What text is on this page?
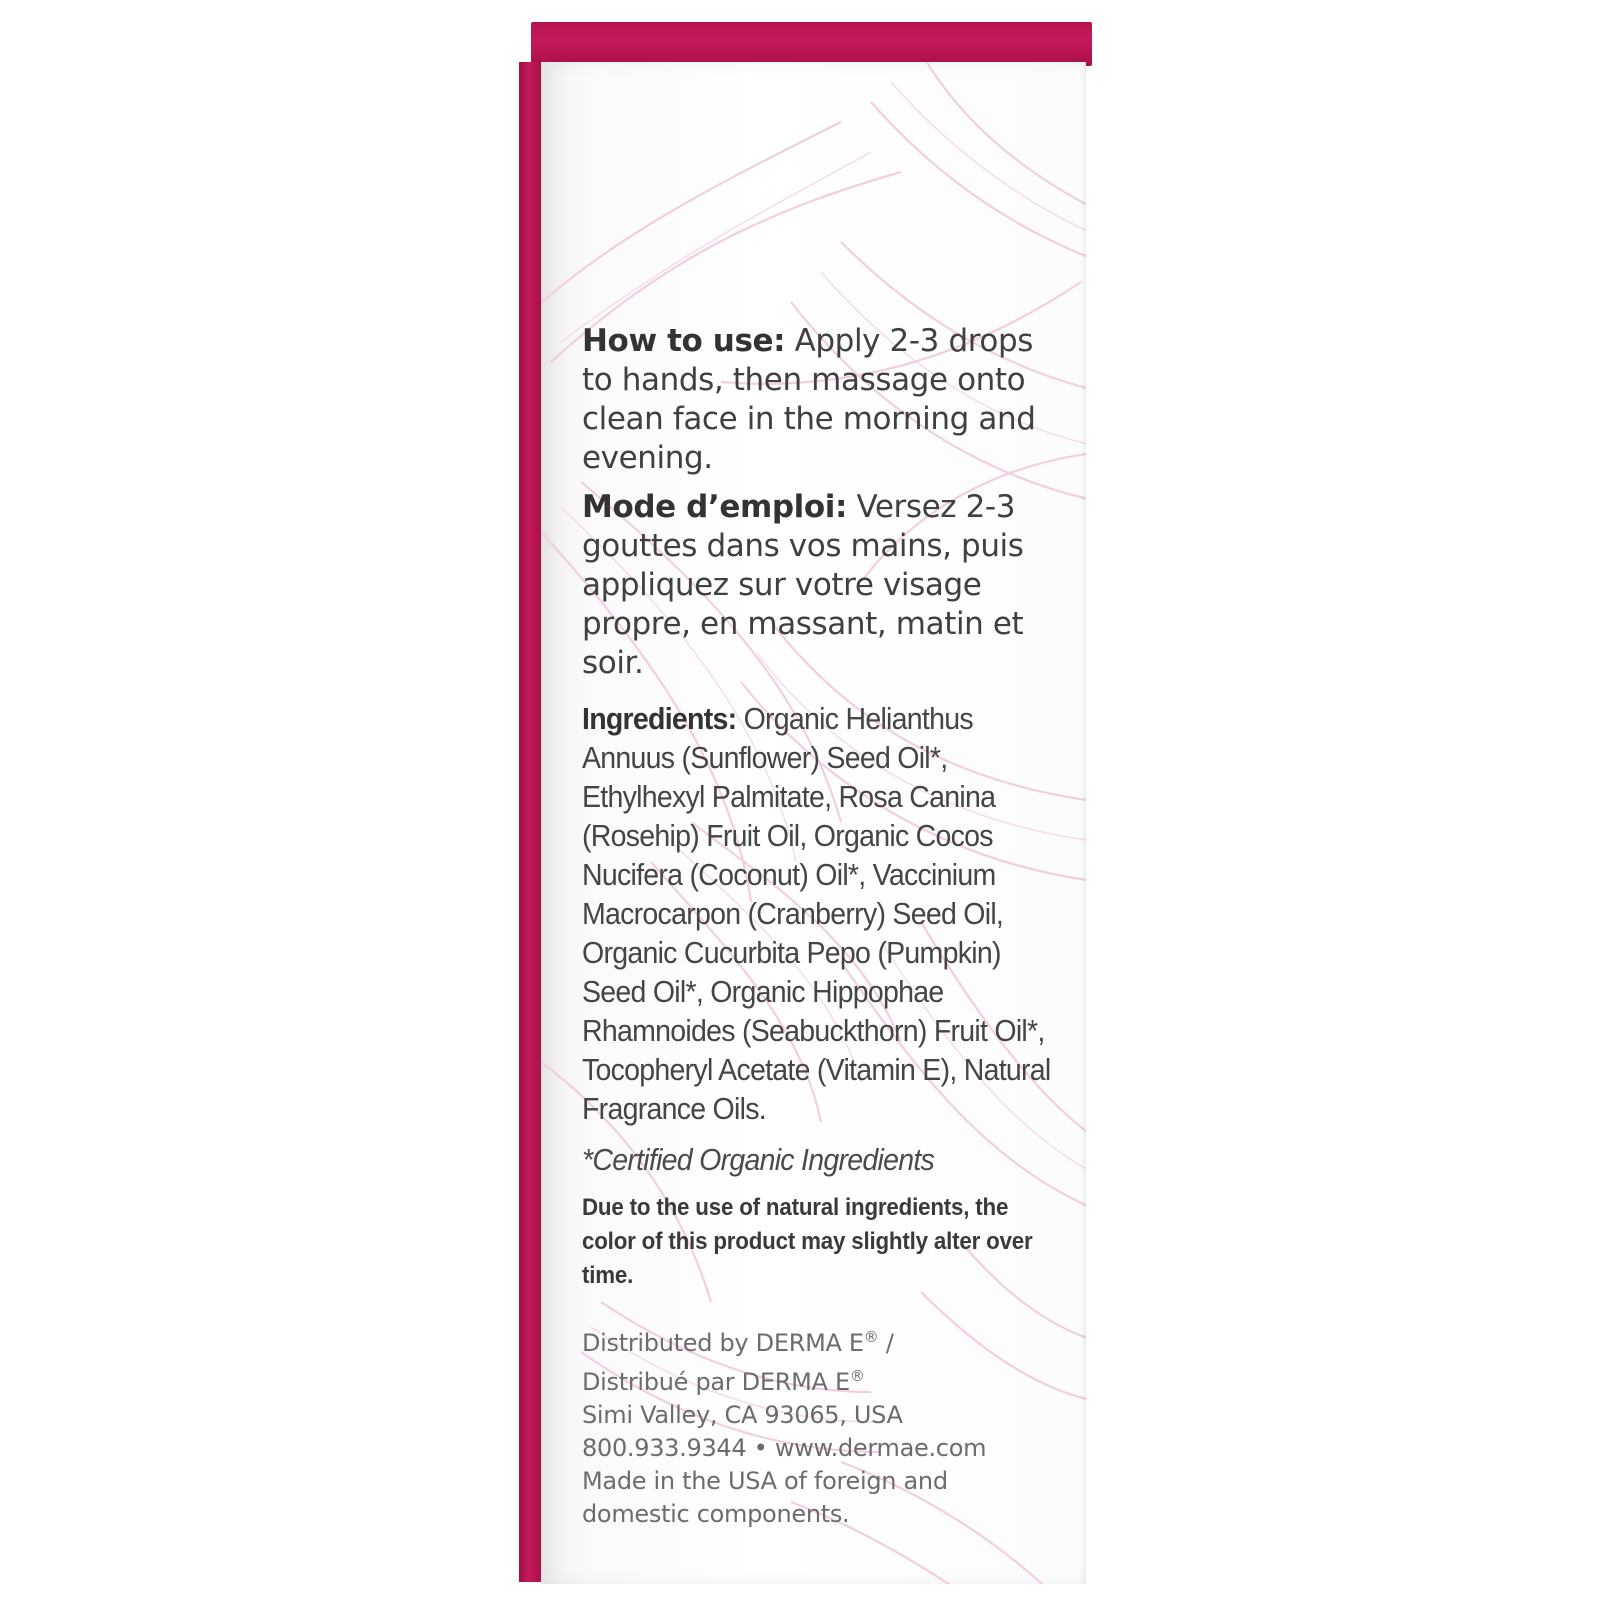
How to use: Apply 2-3 drops to hands, then massage onto clean face in the morning and evening.

Mode d’emploi: Versez 2-3 gouttes dans vos mains, puis appliquez sur votre visage propre, en massant, matin et soir.

Ingredients: Organic Helianthus Annuus (Sunflower) Seed Oil*, Ethylhexyl Palmitate, Rosa Canina (Rosehip) Fruit Oil, Organic Cocos Nucifera (Coconut) Oil*, Vaccinium Macrocarpon (Cranberry) Seed Oil, Organic Cucurbita Pepo (Pumpkin) Seed Oil*, Organic Hippophae Rhamnoides (Seabuckthorn) Fruit Oil*, Tocopheryl Acetate (Vitamin E), Natural Fragrance Oils.
*Certified Organic Ingredients
Due to the use of natural ingredients, the color of this product may slightly alter over time.
Distributed by DERMA E® /
Distribué par DERMA E®
Simi Valley, CA 93065, USA
800.933.9344 • www.dermae.com
Made in the USA of foreign and
domestic components.
